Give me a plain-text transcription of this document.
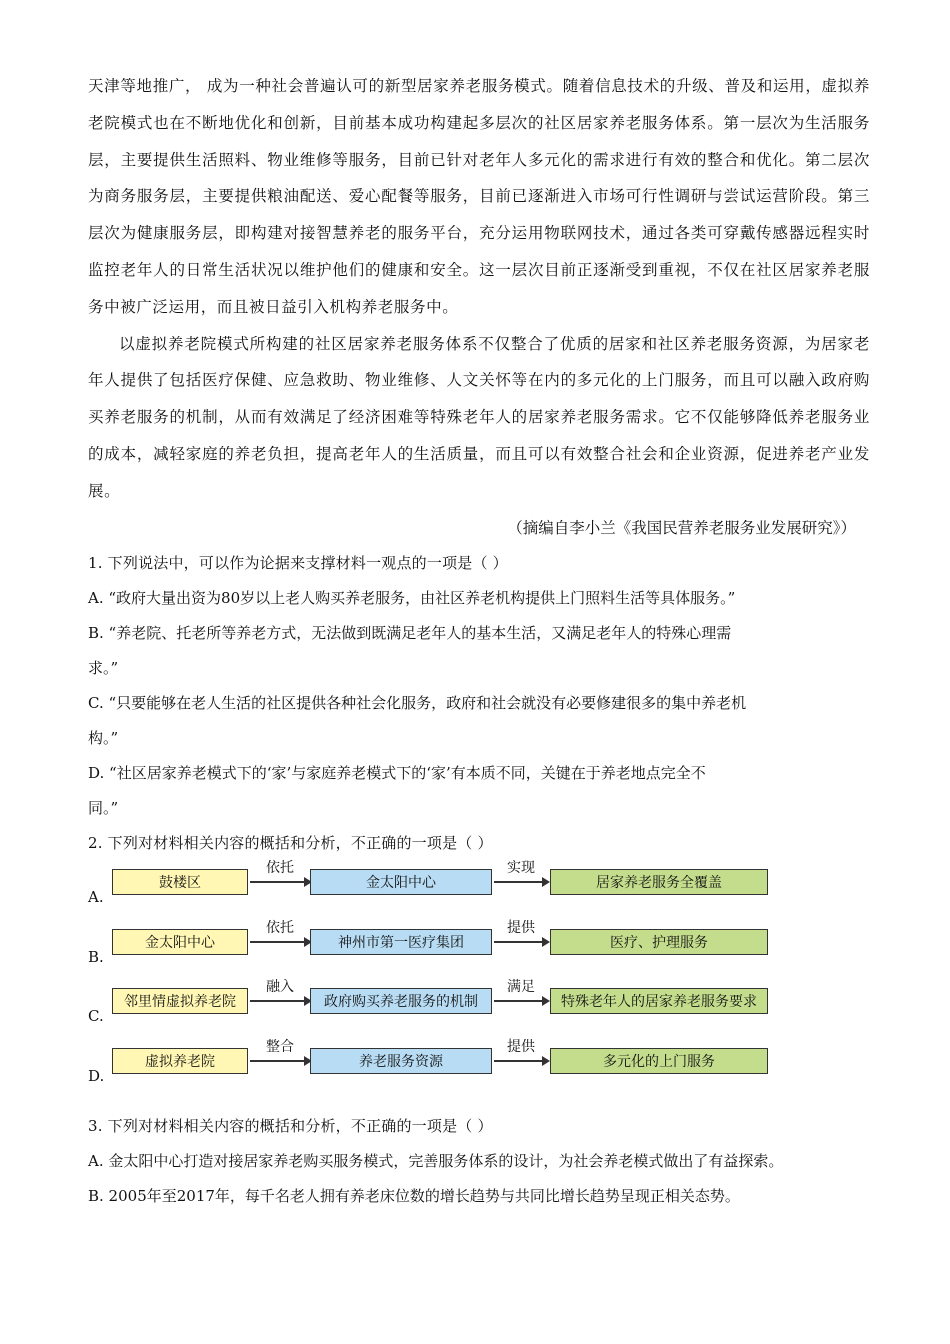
天津等地推广， 成为一种社会普遍认可的新型居家养老服务模式。随着信息技术的升级、普及和运用，虚拟养老院模式也在不断地优化和创新，目前基本成功构建起多层次的社区居家养老服务体系。第一层次为生活服务层，主要提供生活照料、物业维修等服务，目前已针对老年人多元化的需求进行有效的整合和优化。第二层次为商务服务层，主要提供粮油配送、爱心配餐等服务，目前已逐渐进入市场可行性调研与尝试运营阶段。第三层次为健康服务层，即构建对接智慧养老的服务平台，充分运用物联网技术，通过各类可穿戴传感器远程实时监控老年人的日常生活状况以维护他们的健康和安全。这一层次目前正逐渐受到重视，不仅在社区居家养老服务中被广泛运用，而且被日益引入机构养老服务中。

以虚拟养老院模式所构建的社区居家养老服务体系不仅整合了优质的居家和社区养老服务资源，为居家老年人提供了包括医疗保健、应急救助、物业维修、人文关怀等在内的多元化的上门服务，而且可以融入政府购买养老服务的机制，从而有效满足了经济困难等特殊老年人的居家养老服务需求。它不仅能够降低养老服务业的成本，减轻家庭的养老负担，提高老年人的生活质量，而且可以有效整合社会和企业资源，促进养老产业发展。

（摘编自李小兰《我国民营养老服务业发展研究》）

1. 下列说法中，可以作为论据来支撑材料一观点的一项是（ ）

A. “政府大量出资为80岁以上老人购买养老服务，由社区养老机构提供上门照料生活等具体服务。”

B. “养老院、托老所等养老方式，无法做到既满足老年人的基本生活，又满足老年人的特殊心理需

求。”

C. “只要能够在老人生活的社区提供各种社会化服务，政府和社会就没有必要修建很多的集中养老机

构。”

D. “社区居家养老模式下的‘家’与家庭养老模式下的‘家’有本质不同，关键在于养老地点完全不

同。”

2. 下列对材料相关内容的概括和分析，不正确的一项是（ ）

A.
鼓楼区
依托
金太阳中心
实现
居家养老服务全覆盖
B.
金太阳中心
依托
神州市第一医疗集团
提供
医疗、护理服务
C.
邻里情虚拟养老院
融入
政府购买养老服务的机制
满足
特殊老年人的居家养老服务要求
D.
虚拟养老院
整合
养老服务资源
提供
多元化的上门服务

3. 下列对材料相关内容的概括和分析，不正确的一项是（ ）

A. 金太阳中心打造对接居家养老购买服务模式，完善服务体系的设计，为社会养老模式做出了有益探索。

B. 2005年至2017年，每千名老人拥有养老床位数的增长趋势与共同比增长趋势呈现正相关态势。
